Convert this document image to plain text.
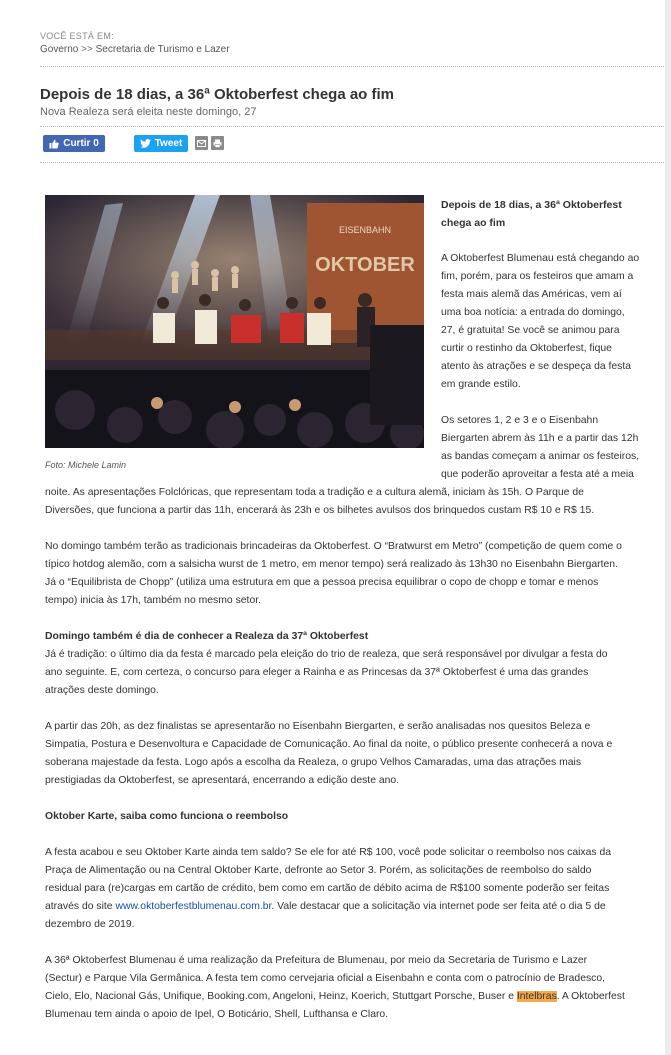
VOCÊ ESTÁ EM:
Governo >> Secretaria de Turismo e Lazer
Depois de 18 dias, a 36ª Oktoberfest chega ao fim
Nova Realeza será eleita neste domingo, 27
Curtir 0	Tweet
EISENBAHN
OKTOBER
Foto: Michele Lamin
Depois de 18 dias, a 36ª Oktoberfest chega ao fim

A Oktoberfest Blumenau está chegando ao

fim, porém, para os festeiros que amam a

festa mais alemã das Américas, vem aí

uma boa notícia: a entrada do domingo,

27, é gratuita! Se você se animou para

curtir o restinho da Oktoberfest, fique

atento às atrações e se despeça da festa

em grande estilo.

Os setores 1, 2 e 3 e o Eisenbahn

Biergarten abrem às 11h e a partir das 12h

as bandas começam a animar os festeiros,

que poderão aproveitar a festa até a meia

noite. As apresentações Folclóricas, que representam toda a tradição e a cultura alemã, iniciam às 15h. O Parque de

Diversões, que funciona a partir das 11h, encerará às 23h e os bilhetes avulsos dos brinquedos custam R$ 10 e R$ 15.

No domingo também terão as tradicionais brincadeiras da Oktoberfest. O “Bratwurst em Metro” (competição de quem come o

típico hotdog alemão, com a salsicha wurst de 1 metro, em menor tempo) será realizado às 13h30 no Eisenbahn Biergarten.

Já o “Equilibrista de Chopp” (utiliza uma estrutura em que a pessoa precisa equilibrar o copo de chopp e tomar e menos

tempo) inicia às 17h, também no mesmo setor.

Domingo também é dia de conhecer a Realeza da 37ª Oktoberfest

Já é tradição: o último dia da festa é marcado pela eleição do trio de realeza, que será responsável por divulgar a festa do

ano seguinte. E, com certeza, o concurso para eleger a Rainha e as Princesas da 37ª Oktoberfest é uma das grandes

atrações deste domingo.

A partir das 20h, as dez finalistas se apresentarão no Eisenbahn Biergarten, e serão analisadas nos quesitos Beleza e

Simpatia, Postura e Desenvoltura e Capacidade de Comunicação. Ao final da noite, o público presente conhecerá a nova e

soberana majestade da festa. Logo após a escolha da Realeza, o grupo Velhos Camaradas, uma das atrações mais

prestigiadas da Oktoberfest, se apresentará, encerrando a edição deste ano.

Oktober Karte, saiba como funciona o reembolso

A festa acabou e seu Oktober Karte ainda tem saldo? Se ele for até R$ 100, você pode solicitar o reembolso nos caixas da

Praça de Alimentação ou na Central Oktober Karte, defronte ao Setor 3. Porém, as solicitações de reembolso do saldo

residual para (re)cargas em cartão de crédito, bem como em cartão de débito acima de R$100 somente poderão ser feitas

através do site www.oktoberfestblumenau.com.br. Vale destacar que a solicitação via internet pode ser feita até o dia 5 de

dezembro de 2019.

A 36ª Oktoberfest Blumenau é uma realização da Prefeitura de Blumenau, por meio da Secretaria de Turismo e Lazer

(Sectur) e Parque Vila Germânica. A festa tem como cervejaria oficial a Eisenbahn e conta com o patrocínio de Bradesco,

Cielo, Elo, Nacional Gás, Unifique, Booking.com, Angeloni, Heinz, Koerich, Stuttgart Porsche, Buser e Intelbras. A Oktoberfest

Blumenau tem ainda o apoio de Ipel, O Boticário, Shell, Lufthansa e Claro.
